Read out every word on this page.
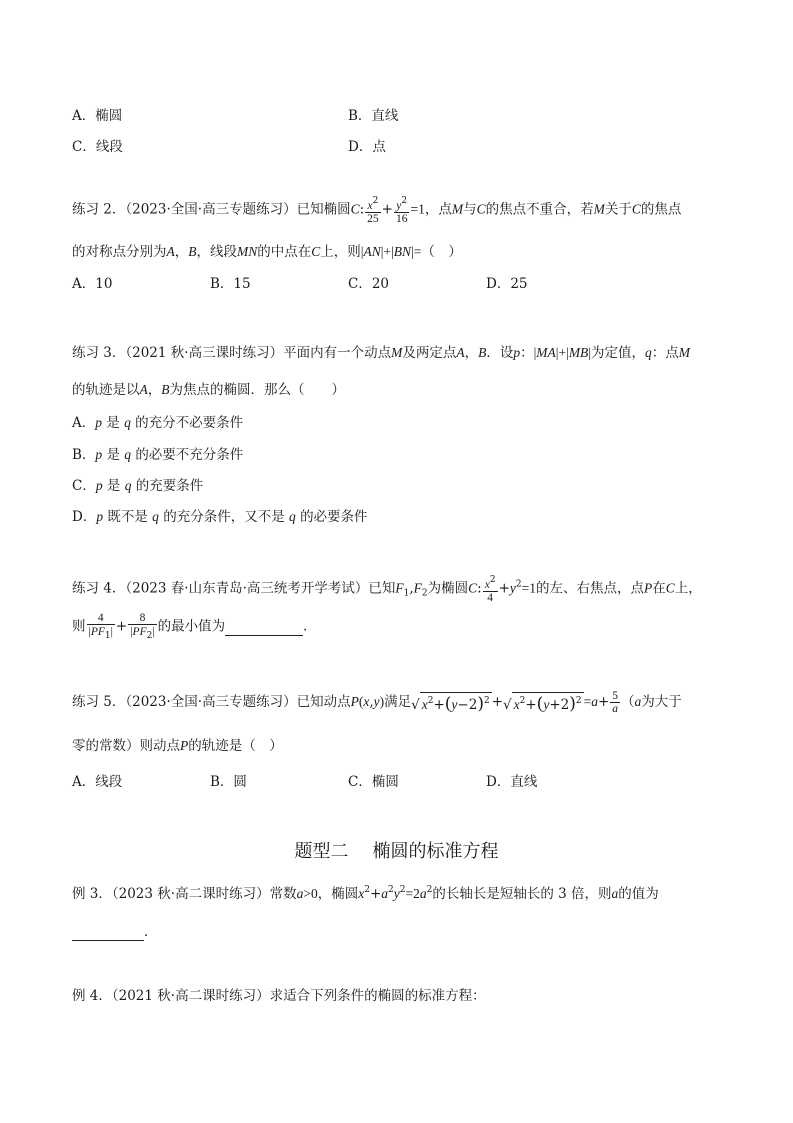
A．椭圆	B．直线
C．线段	D．点
练习 2．（2023·全国·高三专题练习）已知椭圆C: $\frac{x^2}{25} + \frac{y^2}{16} =1$，点M与C的焦点不重合，若M关于C的焦点
的对称点分别为A，B，线段MN的中点在C上，则|AN|+|BN|=（　）
A．10	B．15	C．20	D．25
练习 3．（2021 秋·高三课时练习）平面内有一个动点M及两定点A，B．设p：|MA|+|MB|为定值，q：点M
的轨迹是以A，B为焦点的椭圆．那么（　　）
A．p 是 q 的充分不必要条件
B．p 是 q 的必要不充分条件
C．p 是 q 的充要条件
D．p 既不是 q 的充分条件，又不是 q 的必要条件
练习 4．（2023 春·山东青岛·高三统考开学考试）已知$F_1,F_2$为椭圆C: $\frac{x^2}{4} +y^2=1$的左、右焦点，点P在C上，
则 $\frac{4}{|PF_1|} + \frac{8}{|PF_2|}$ 的最小值为	．
练习 5．（2023·全国·高三专题练习）已知动点P(x,y)满足√ $x^2+(y-2)^2$ +√ $x^2+(y+2)^2 =a+ \frac{5}{a} (a$为大于
零的常数）则动点P的轨迹是（　）
A．线段	B．圆	C．椭圆	D．直线
题型二 椭圆的标准方程
例 3．（2023 秋·高二课时练习）常数a>0，椭圆$x^2+a^2y^2=2a^2$的长轴长是短轴长的 3 倍，则a的值为
．
例 4．（2021 秋·高二课时练习）求适合下列条件的椭圆的标准方程：
